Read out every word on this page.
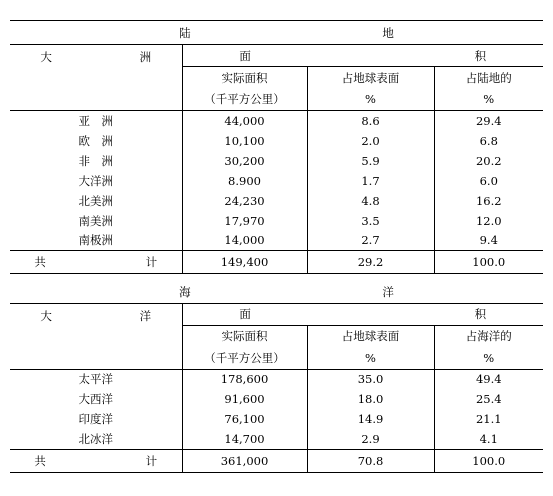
陆 地			
大 洲	面 积		
	实际面积	占地球表面	占陆地的
	（千平方公里）	%	%
亚　洲	44,000	8.6	29.4
欧　洲	10,100	2.0	6.8
非　洲	30,200	5.9	20.2
大洋洲	8.900	1.7	6.0
北美洲	24,230	4.8	16.2
南美洲	17,970	3.5	12.0
南极洲	14,000	2.7	9.4
共 计	149,400	29.2	100.0
海 洋			
大 洋	面 积		
	实际面积	占地球表面	占海洋的
	（千平方公里）	%	%
太平洋	178,600	35.0	49.4
大西洋	91,600	18.0	25.4
印度洋	76,100	14.9	21.1
北冰洋	14,700	2.9	4.1
共 计	361,000	70.8	100.0
